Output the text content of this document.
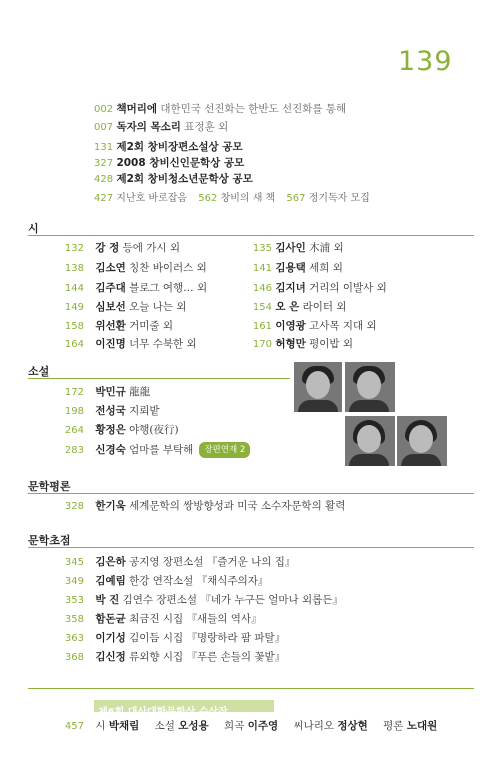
139
002 책머리에 대한민국 선진화는 한반도 선진화를 통해
007 독자의 목소리 표정훈 외
131 제2회 창비장편소설상 공모
327 2008 창비신인문학상 공모
428 제2회 창비청소년문학상 공모
427 지난호 바로잡음 562 창비의 새 책 567 정기독자 모집
시
132 강 정 등에 가시 외
138 김소연 칭찬 바이러스 외
144 김주대 블로그 여행… 외
149 심보선 오늘 나는 외
158 위선환 거미줄 외
164 이진명 너무 수북한 외
135 김사인 木浦 외
141 김용택 세희 외
146 김지녀 거리의 이발사 외
154 오 은 라이터 외
161 이영광 고사목 지대 외
170 허형만 평이밥 외
소설
172 박민규 龍龍
198 전성국 지뢰밭
264 황정은 야행(夜行)
283 신경숙 엄마를 부탁해 장편연재 2
문학평론
328 한기욱 세계문학의 쌍방향성과 미국 소수자문학의 활력
문학초점
345 김은하 공지영 장편소설 『즐거운 나의 집』
349 김예림 한강 연작소설 『채식주의자』
353 박 진 김연수 장편소설 『네가 누구든 얼마나 외롭든』
358 함돈균 최금진 시집 『새들의 역사』
363 이기성 김이듬 시집 『명랑하라 팜 파탈』
368 김신정 류외향 시집 『푸른 손들의 꽃밭』
제6회 대산대학문학상 수상작
457 시 박채림 소설 오성용 희곡 이주영 씨나리오 정상현 평론 노대원
